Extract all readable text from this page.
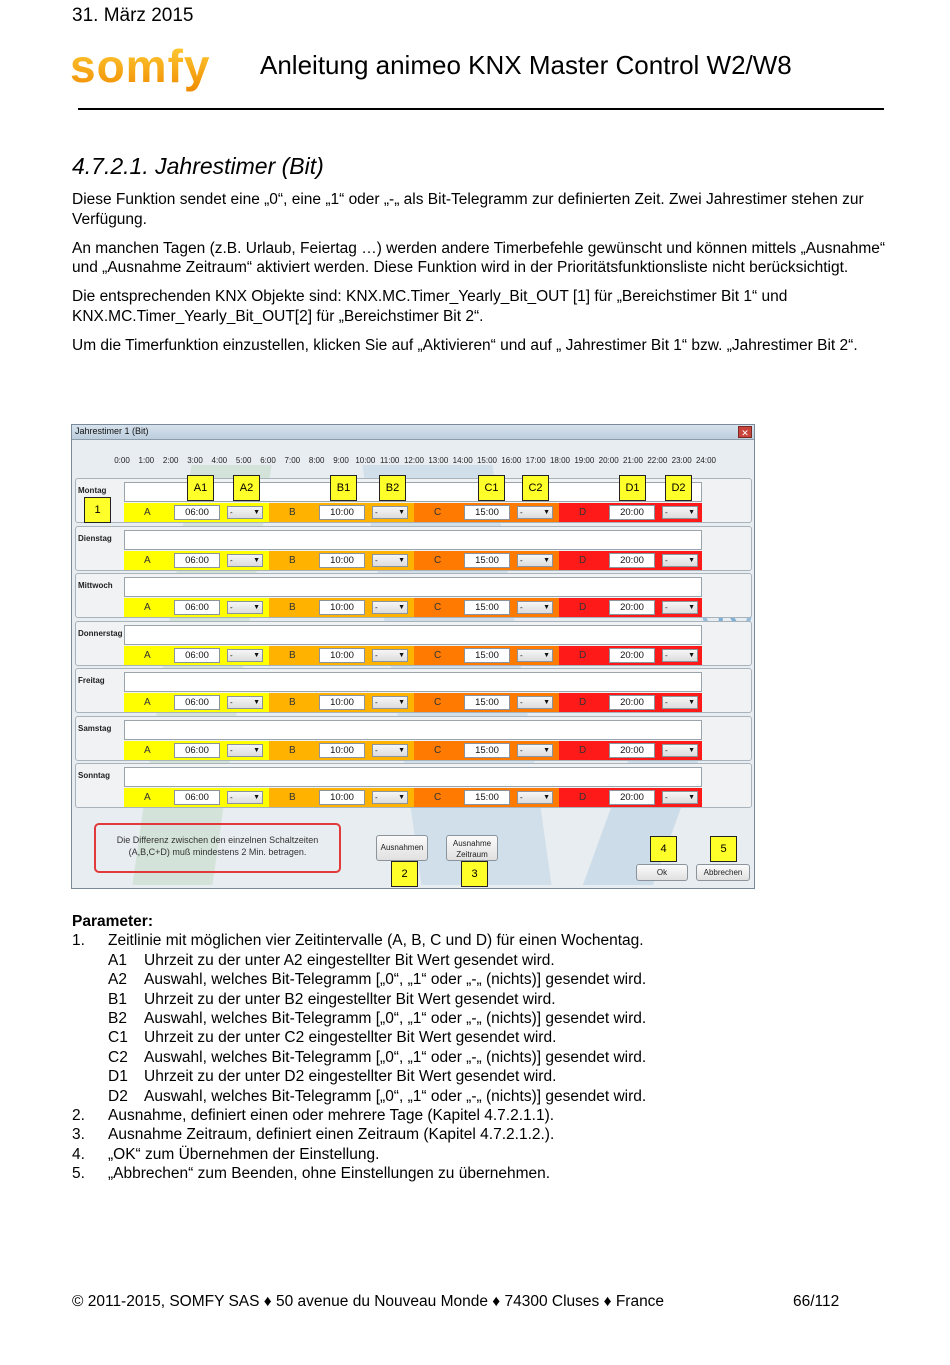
31. März 2015
somfy Anleitung animeo KNX Master Control W2/W8
4.7.2.1. Jahrestimer (Bit)

Diese Funktion sendet eine „0“, eine „1“ oder „-„ als Bit-Telegramm zur definierten Zeit. Zwei Jahrestimer stehen zur Verfügung.

An manchen Tagen (z.B. Urlaub, Feiertag …) werden andere Timerbefehle gewünscht und können mittels „Ausnahme“ und „Ausnahme Zeitraum“ aktiviert werden. Diese Funktion wird in der Prioritätsfunktionsliste nicht berücksichtigt.

Die entsprechenden KNX Objekte sind: KNX.MC.Timer_Yearly_Bit_OUT [1] für „Bereichstimer Bit 1“ und KNX.MC.Timer_Yearly_Bit_OUT[2] für „Bereichstimer Bit 2“.

Um die Timerfunktion einzustellen, klicken Sie auf „Aktivieren“ und auf „ Jahrestimer Bit 1“ bzw. „Jahrestimer Bit 2“.

Jahrestimer 1 (Bit)	✕
0:00 1:00 2:00 3:00 4:00 5:00 6:00 7:00 8:00 9:00 10:00 11:00 12:00 13:00 14:00 15:00 16:00 17:00 18:00 19:00 20:00 21:00 22:00 23:00 24:00
Montag
A	06:00	-	▼	B	10:00	-	▼	C	15:00	-	▼	D	20:00	-	▼
Dienstag
A	06:00	-	▼	B	10:00	-	▼	C	15:00	-	▼	D	20:00	-	▼
Mittwoch
A	06:00	-	▼	B	10:00	-	▼	C	15:00	-	▼	D	20:00	-	▼
Donnerstag
A	06:00	-	▼	B	10:00	-	▼	C	15:00	-	▼	D	20:00	-	▼
Freitag
A	06:00	-	▼	B	10:00	-	▼	C	15:00	-	▼	D	20:00	-	▼
Samstag
A	06:00	-	▼	B	10:00	-	▼	C	15:00	-	▼	D	20:00	-	▼
Sonntag
A	06:00	-	▼	B	10:00	-	▼	C	15:00	-	▼	D	20:00	-	▼
A1	A2	B1	B2	C1	C2	D1	D2
1
Die Differenz zwischen den einzelnen Schaltzeiten
(A,B,C+D) muß mindestens 2 Min. betragen.	Ausnahmen	Ausnahme
Zeitraum
2	3
4	5
Ok	Abbrechen
Parameter:
1. Zeitlinie mit möglichen vier Zeitintervalle (A, B, C und D) für einen Wochentag.
A1 Uhrzeit zu der unter A2 eingestellter Bit Wert gesendet wird.
A2 Auswahl, welches Bit-Telegramm [„0“, „1“ oder „-„ (nichts)] gesendet wird.
B1 Uhrzeit zu der unter B2 eingestellter Bit Wert gesendet wird.
B2 Auswahl, welches Bit-Telegramm [„0“, „1“ oder „-„ (nichts)] gesendet wird.
C1 Uhrzeit zu der unter C2 eingestellter Bit Wert gesendet wird.
C2 Auswahl, welches Bit-Telegramm [„0“, „1“ oder „-„ (nichts)] gesendet wird.
D1 Uhrzeit zu der unter D2 eingestellter Bit Wert gesendet wird.
D2 Auswahl, welches Bit-Telegramm [„0“, „1“ oder „-„ (nichts)] gesendet wird.
2. Ausnahme, definiert einen oder mehrere Tage (Kapitel 4.7.2.1.1).
3. Ausnahme Zeitraum, definiert einen Zeitraum (Kapitel 4.7.2.1.2.).
4. „OK“ zum Übernehmen der Einstellung.
5. „Abbrechen“ zum Beenden, ohne Einstellungen zu übernehmen.
© 2011-2015, SOMFY SAS ♦ 50 avenue du Nouveau Monde ♦ 74300 Cluses ♦ France	66/112
